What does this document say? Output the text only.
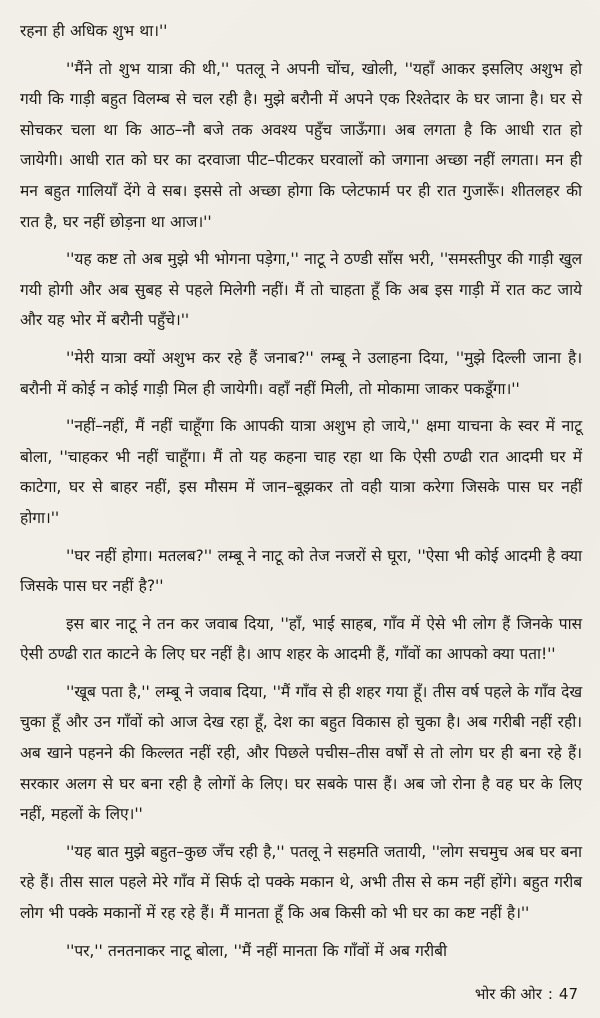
रहना ही अधिक शुभ था।''

''मैंने तो शुभ यात्रा की थी,'' पतलू ने अपनी चोंच, खोली, ''यहाँ आकर इसलिए अशुभ हो गयी कि गाड़ी बहुत विलम्ब से चल रही है। मुझे बरौनी में अपने एक रिश्तेदार के घर जाना है। घर से सोचकर चला था कि आठ–नौ बजे तक अवश्य पहुँच जाऊँगा। अब लगता है कि आधी रात हो जायेगी। आधी रात को घर का दरवाजा पीट–पीटकर घरवालों को जगाना अच्छा नहीं लगता। मन ही मन बहुत गालियाँ देंगे वे सब। इससे तो अच्छा होगा कि प्लेटफार्म पर ही रात गुजारूँ। शीतलहर की रात है, घर नहीं छोड़ना था आज।''

''यह कष्ट तो अब मुझे भी भोगना पड़ेगा,'' नाटू ने ठण्डी साँस भरी, ''समस्तीपुर की गाड़ी खुल गयी होगी और अब सुबह से पहले मिलेगी नहीं। मैं तो चाहता हूँ कि अब इस गाड़ी में रात कट जाये और यह भोर में बरौनी पहुँचे।''

''मेरी यात्रा क्यों अशुभ कर रहे हैं जनाब?'' लम्बू ने उलाहना दिया, ''मुझे दिल्ली जाना है। बरौनी में कोई न कोई गाड़ी मिल ही जायेगी। वहाँ नहीं मिली, तो मोकामा जाकर पकडूँगा।''

''नहीं–नहीं, मैं नहीं चाहूँगा कि आपकी यात्रा अशुभ हो जाये,'' क्षमा याचना के स्वर में नाटू बोला, ''चाहकर भी नहीं चाहूँगा। मैं तो यह कहना चाह रहा था कि ऐसी ठण्ढी रात आदमी घर में काटेगा, घर से बाहर नहीं, इस मौसम में जान–बूझकर तो वही यात्रा करेगा जिसके पास घर नहीं होगा।''

''घर नहीं होगा। मतलब?'' लम्बू ने नाटू को तेज नजरों से घूरा, ''ऐसा भी कोई आदमी है क्या जिसके पास घर नहीं है?''

इस बार नाटू ने तन कर जवाब दिया, ''हाँ, भाई साहब, गाँव में ऐसे भी लोग हैं जिनके पास ऐसी ठण्ढी रात काटने के लिए घर नहीं है। आप शहर के आदमी हैं, गाँवों का आपको क्या पता!''

''खूब पता है,'' लम्बू ने जवाब दिया, ''मैं गाँव से ही शहर गया हूँ। तीस वर्ष पहले के गाँव देख चुका हूँ और उन गाँवों को आज देख रहा हूँ, देश का बहुत विकास हो चुका है। अब गरीबी नहीं रही। अब खाने पहनने की किल्लत नहीं रही, और पिछले पचीस–तीस वर्षों से तो लोग घर ही बना रहे हैं। सरकार अलग से घर बना रही है लोगों के लिए। घर सबके पास हैं। अब जो रोना है वह घर के लिए नहीं, महलों के लिए।''

''यह बात मुझे बहुत–कुछ जँच रही है,'' पतलू ने सहमति जतायी, ''लोग सचमुच अब घर बना रहे हैं। तीस साल पहले मेरे गाँव में सिर्फ दो पक्के मकान थे, अभी तीस से कम नहीं होंगे। बहुत गरीब लोग भी पक्के मकानों में रह रहे हैं। मैं मानता हूँ कि अब किसी को भी घर का कष्ट नहीं है।''

''पर,'' तनतनाकर नाटू बोला, ''मैं नहीं मानता कि गाँवों में अब गरीबी

भोर की ओर : 47
